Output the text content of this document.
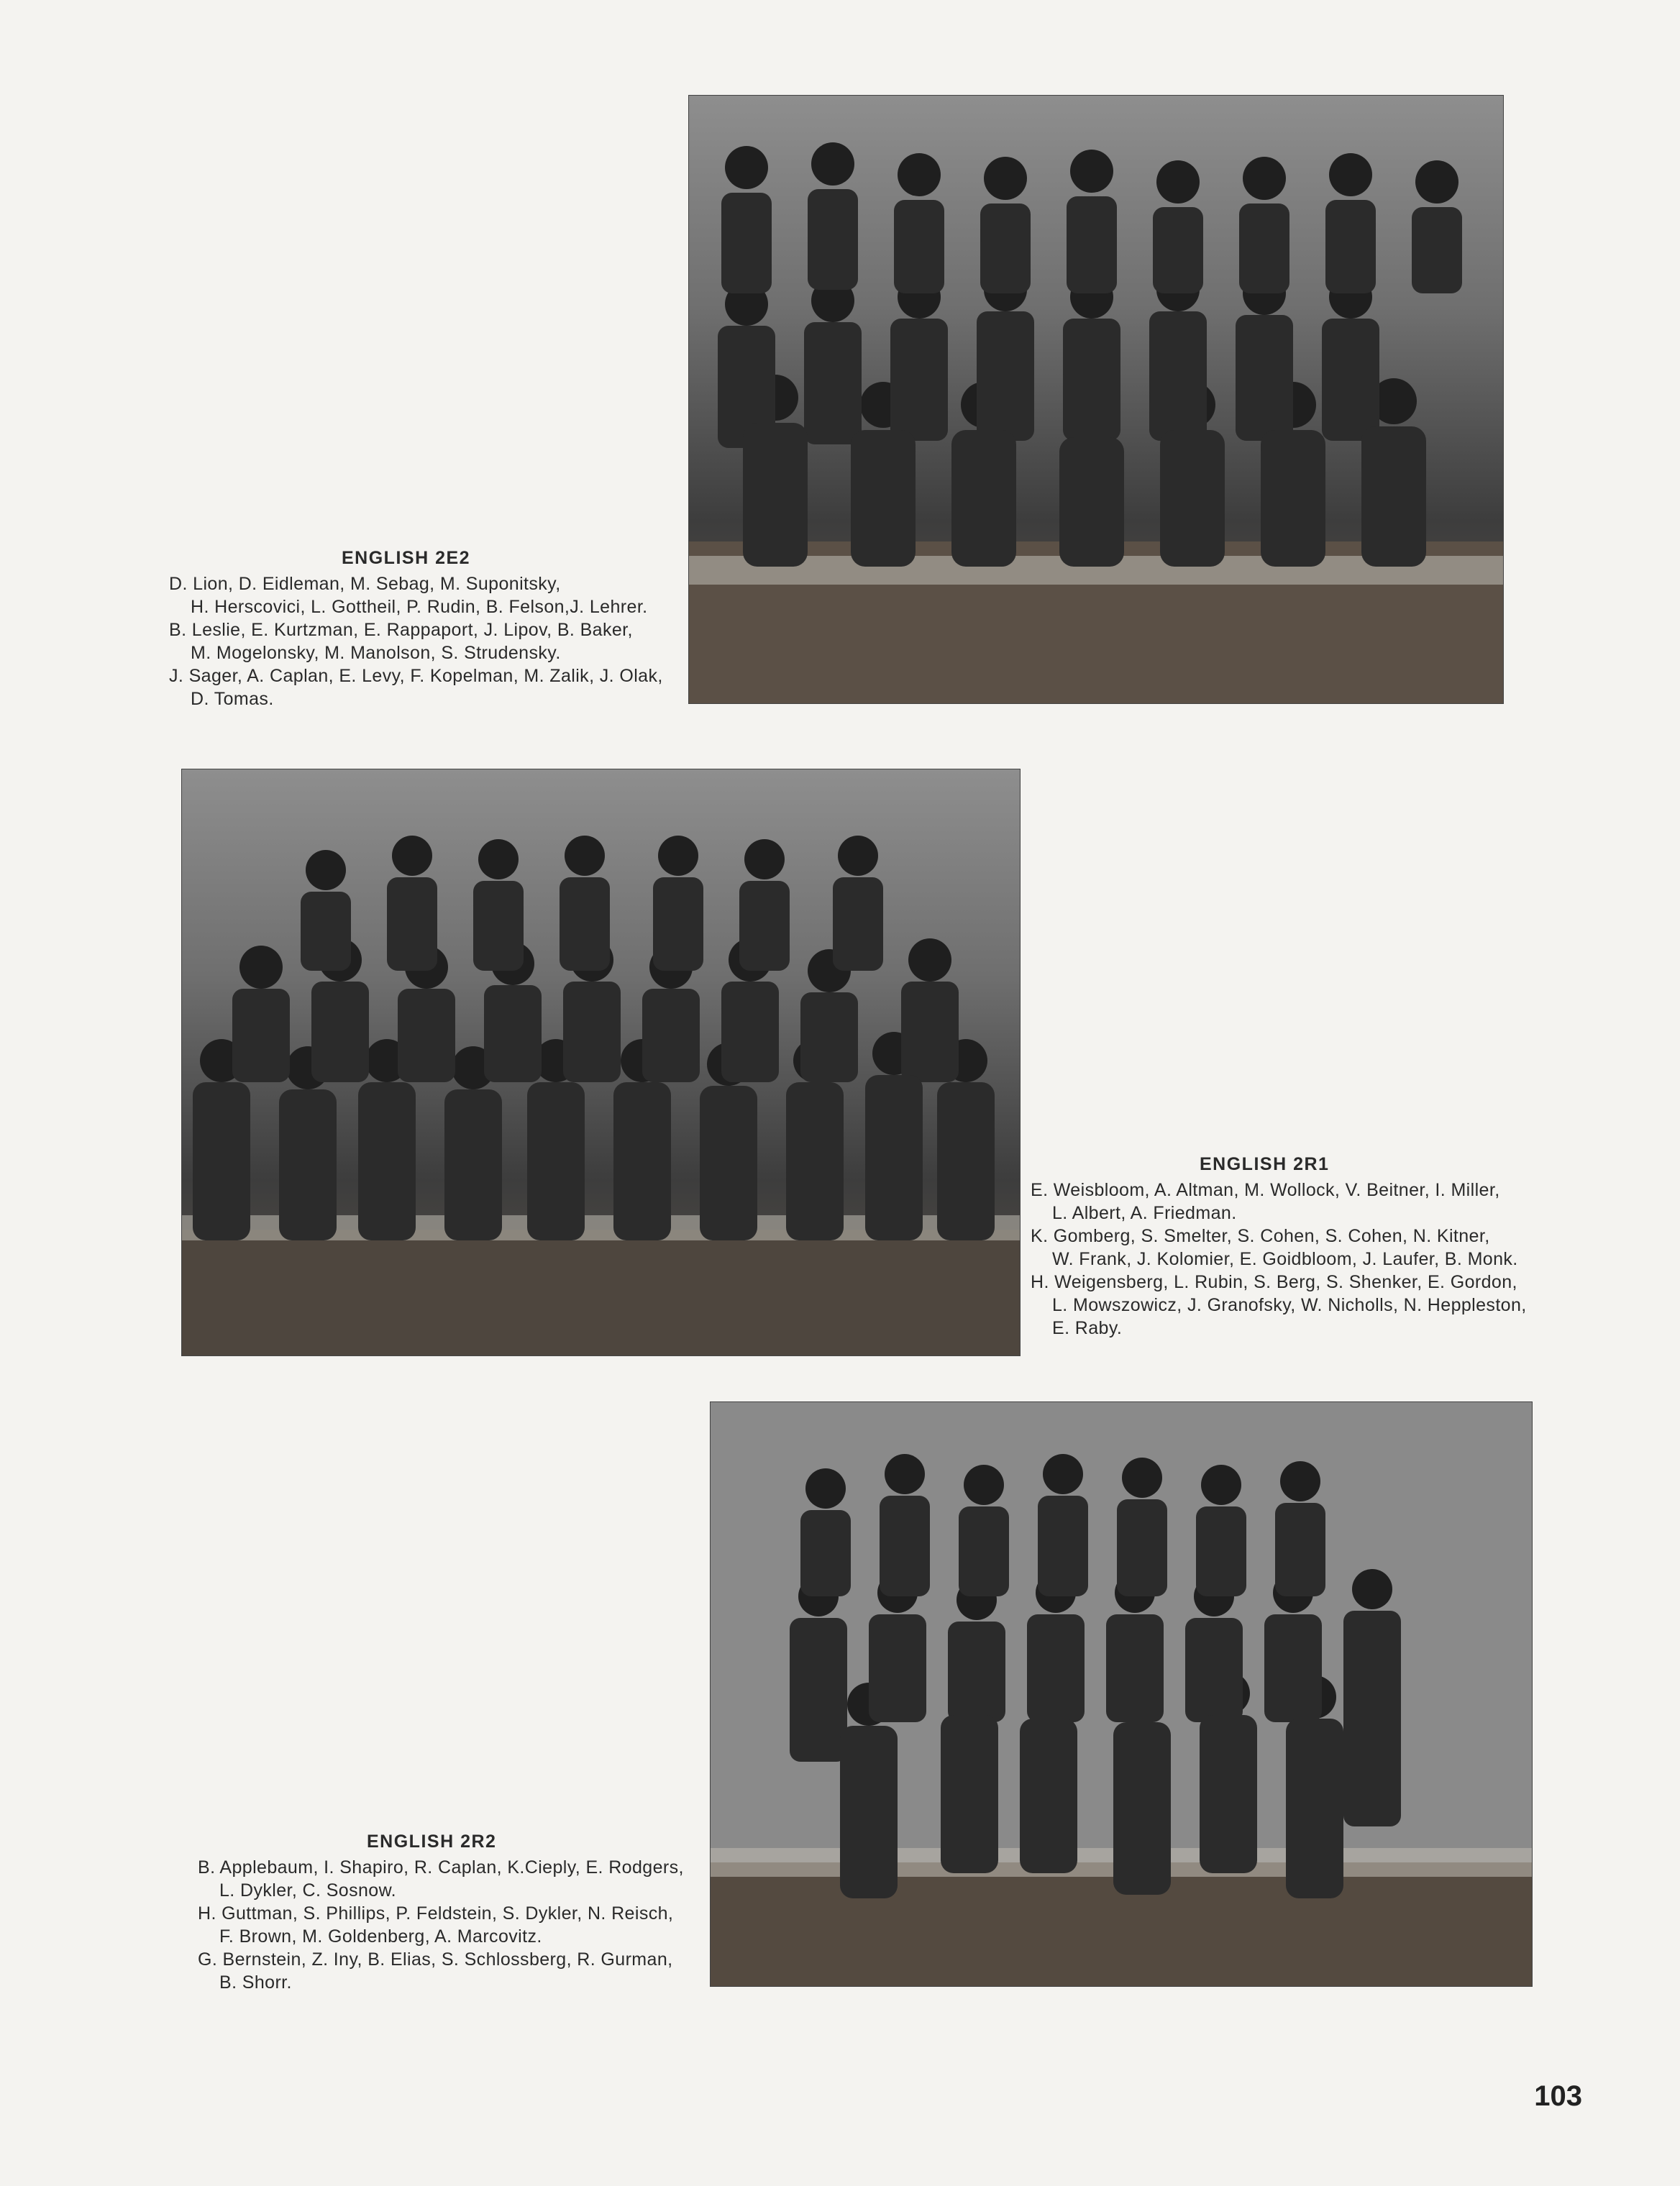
ENGLISH 2E2
D. Lion, D. Eidleman, M. Sebag, M. Suponitsky,
H. Herscovici, L. Gottheil, P. Rudin, B. Felson,J. Lehrer.
B. Leslie, E. Kurtzman, E. Rappaport, J. Lipov, B. Baker,
M. Mogelonsky, M. Manolson, S. Strudensky.
J. Sager, A. Caplan, E. Levy, F. Kopelman, M. Zalik, J. Olak,
D. Tomas.
ENGLISH 2R1
E. Weisbloom, A. Altman, M. Wollock, V. Beitner, I. Miller,
L. Albert, A. Friedman.
K. Gomberg, S. Smelter, S. Cohen, S. Cohen, N. Kitner,
W. Frank, J. Kolomier, E. Goidbloom, J. Laufer, B. Monk.
H. Weigensberg, L. Rubin, S. Berg, S. Shenker, E. Gordon,
L. Mowszowicz, J. Granofsky, W. Nicholls, N. Heppleston,
E. Raby.
ENGLISH 2R2
B. Applebaum, I. Shapiro, R. Caplan, K.Cieply, E. Rodgers,
L. Dykler, C. Sosnow.
H. Guttman, S. Phillips, P. Feldstein, S. Dykler, N. Reisch,
F. Brown, M. Goldenberg, A. Marcovitz.
G. Bernstein, Z. Iny, B. Elias, S. Schlossberg, R. Gurman,
B. Shorr.
103
